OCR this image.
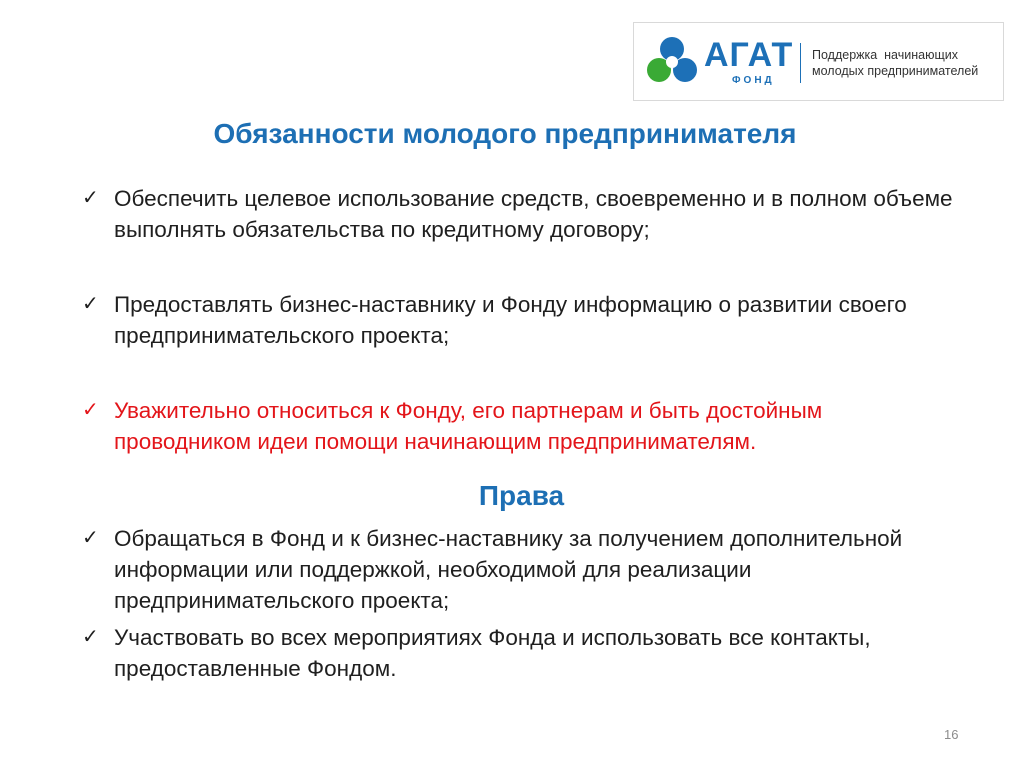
АГАТ
ФОНД
Поддержка  начинающих
молодых предпринимателей
Обязанности молодого предпринимателя
✓ Обеспечить целевое использование средств, своевременно и в полном объеме выполнять обязательства по кредитному договору;
✓ Предоставлять бизнес-наставнику и Фонду информацию о развитии своего предпринимательского проекта;
✓ Уважительно относиться к Фонду, его партнерам и быть достойным проводником идеи помощи начинающим предпринимателям.
Права
✓ Обращаться в Фонд и к бизнес-наставнику за получением дополнительной информации или поддержкой, необходимой для реализации предпринимательского проекта;
✓ Участвовать во всех мероприятиях Фонда и использовать все контакты, предоставленные Фондом.
16
